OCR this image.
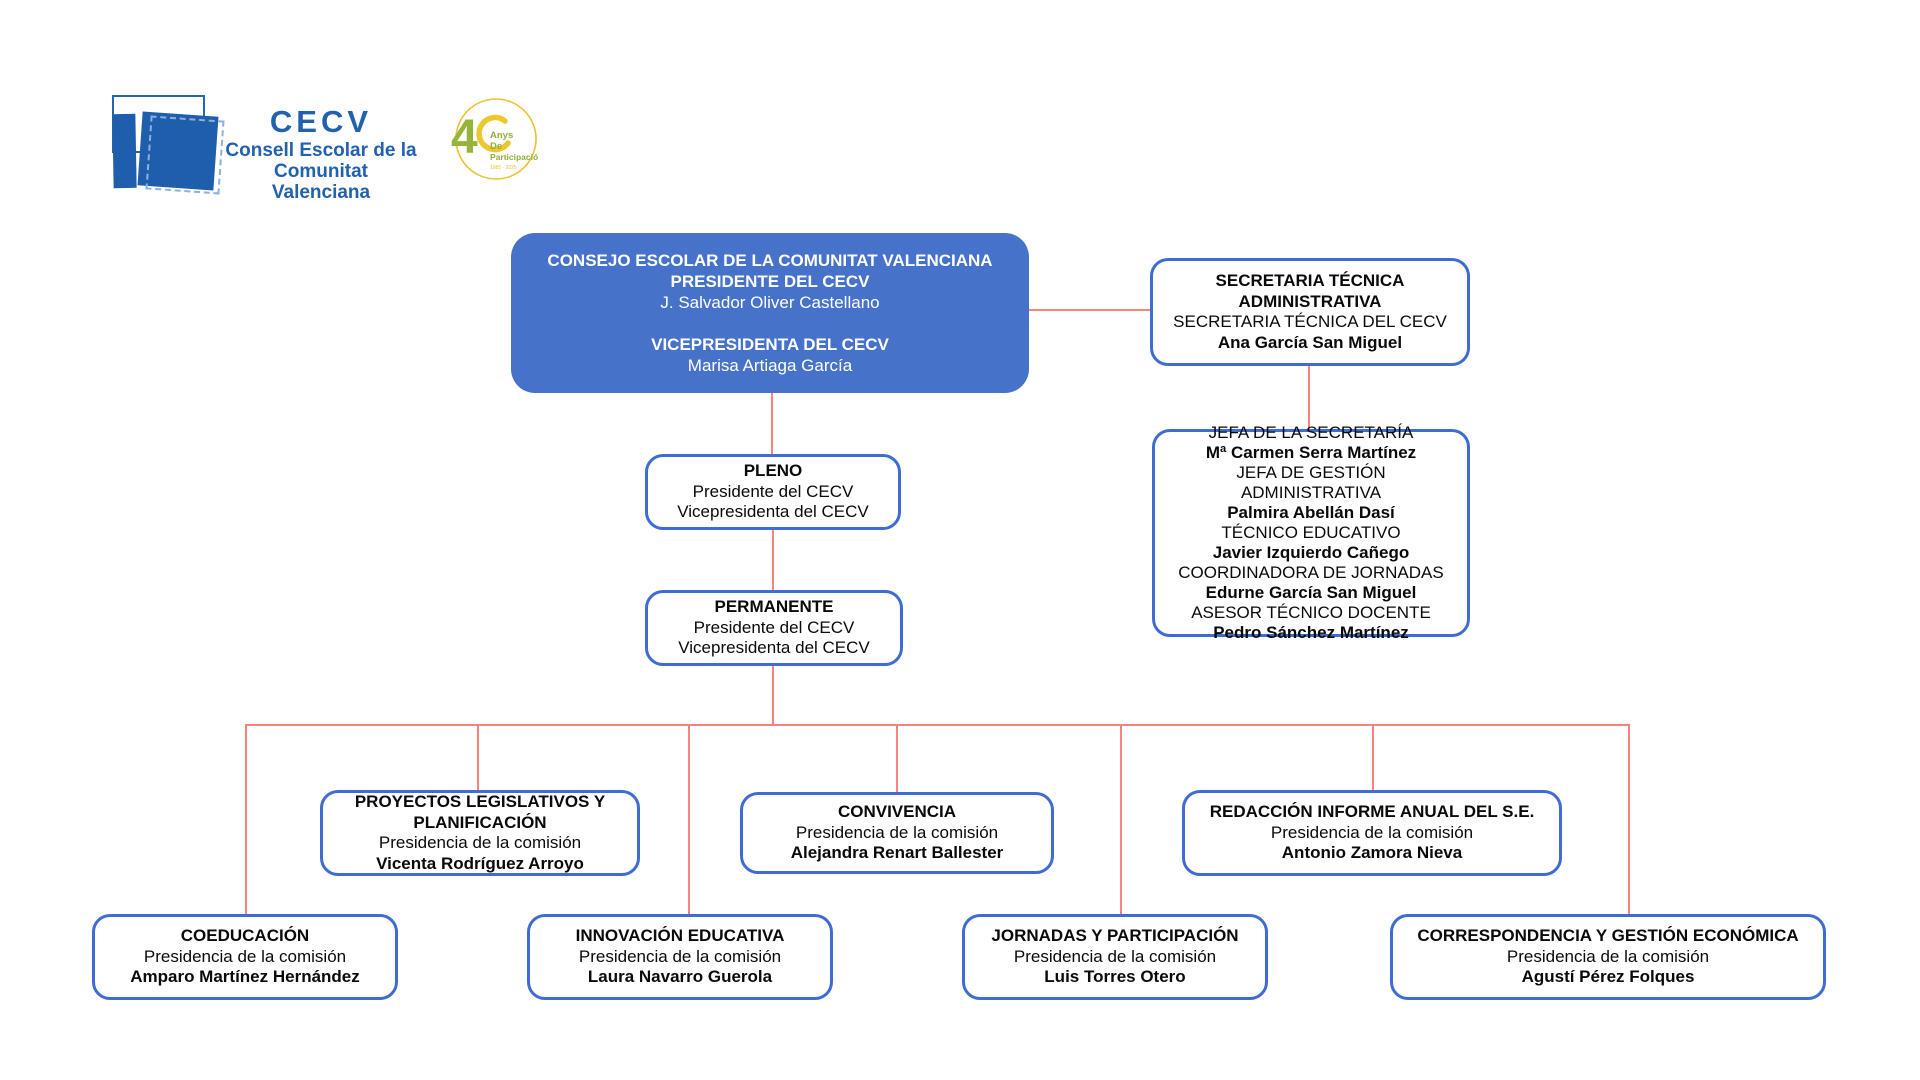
CECV
Consell Escolar de la
Comunitat Valenciana
4 Anys
De
Participació
1985 - 2025
CONSEJO ESCOLAR DE LA COMUNITAT VALENCIANA
PRESIDENTE DEL CECV
J. Salvador Oliver Castellano

VICEPRESIDENTA DEL CECV
Marisa Artiaga García
SECRETARIA TÉCNICA ADMINISTRATIVA
SECRETARIA TÉCNICA DEL CECV
Ana García San Miguel
JEFA DE LA SECRETARÍA
Mª Carmen Serra Martínez
JEFA DE GESTIÓN ADMINISTRATIVA
Palmira Abellán Dasí
TÉCNICO EDUCATIVO
Javier Izquierdo Cañego
COORDINADORA DE JORNADAS
Edurne García San Miguel
ASESOR TÉCNICO DOCENTE
Pedro Sánchez Martínez
PLENO
Presidente del CECV
Vicepresidenta del CECV
PERMANENTE
Presidente del CECV
Vicepresidenta del CECV
PROYECTOS LEGISLATIVOS Y PLANIFICACIÓN
Presidencia de la comisión
Vicenta Rodríguez Arroyo
CONVIVENCIA
Presidencia de la comisión
Alejandra Renart Ballester
REDACCIÓN INFORME ANUAL DEL S.E.
Presidencia de la comisión
Antonio Zamora Nieva
COEDUCACIÓN
Presidencia de la comisión
Amparo Martínez Hernández
INNOVACIÓN EDUCATIVA
Presidencia de la comisión
Laura Navarro Guerola
JORNADAS Y PARTICIPACIÓN
Presidencia de la comisión
Luis Torres Otero
CORRESPONDENCIA Y GESTIÓN ECONÓMICA
Presidencia de la comisión
Agustí Pérez Folques
